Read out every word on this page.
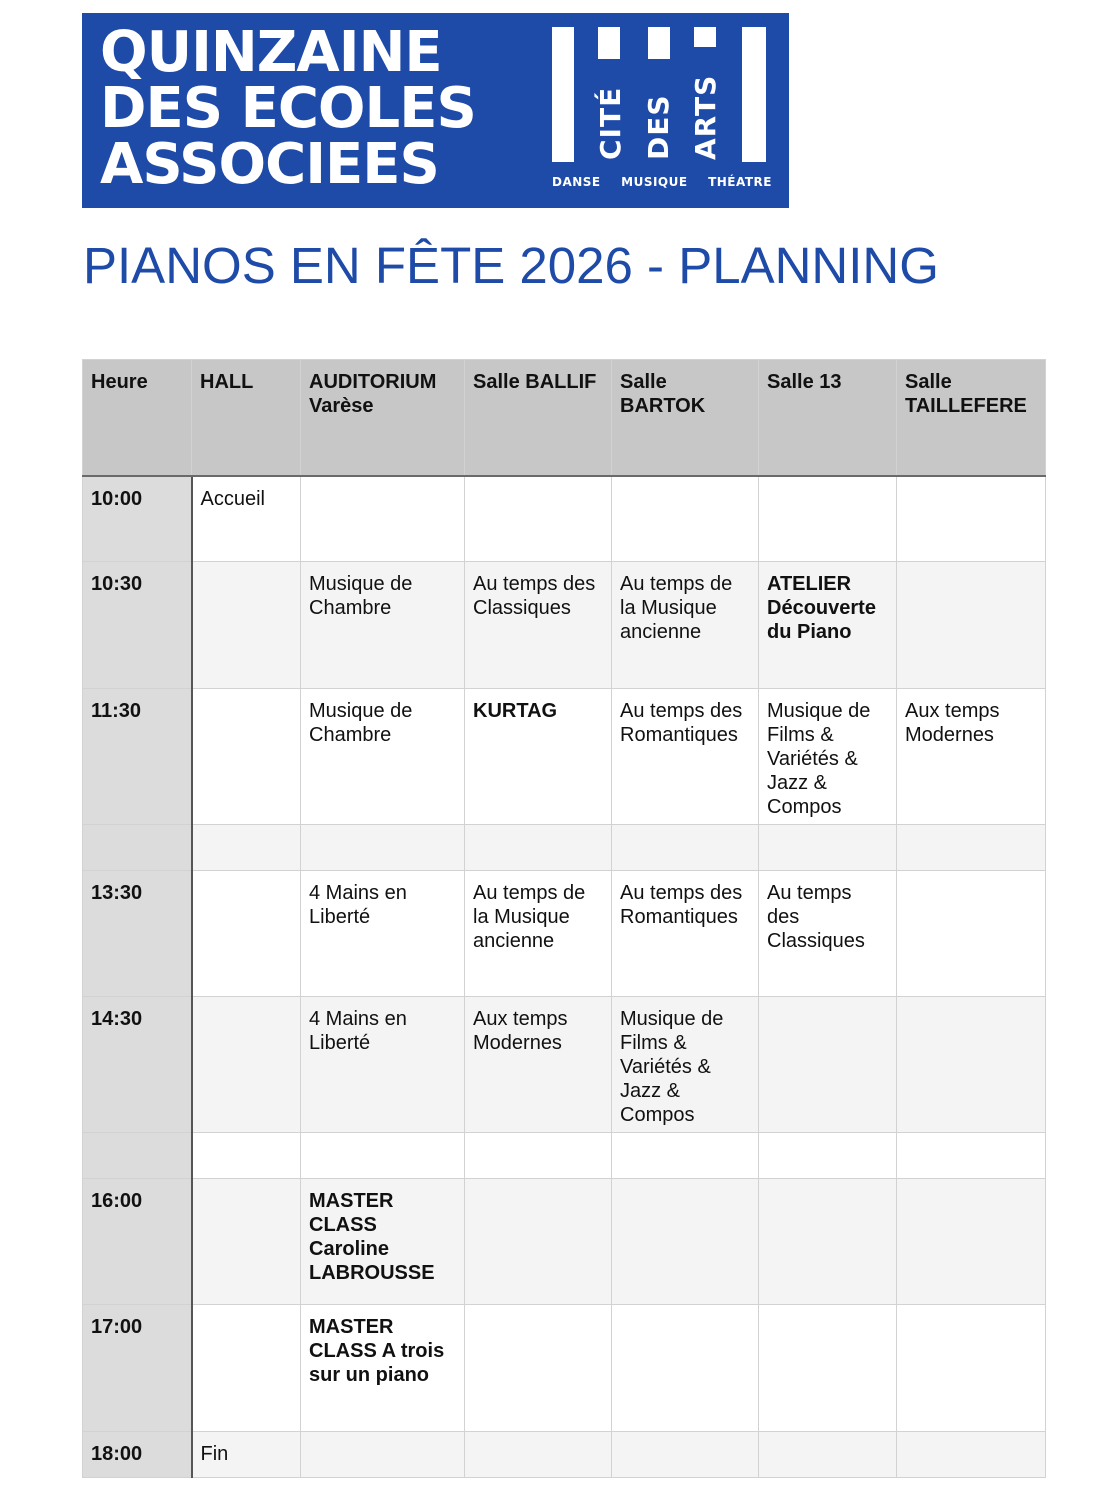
QUINZAINE
DES ECOLES
ASSOCIEES
CITÉ DES ARTS
DANSE MUSIQUE THÉATRE
PIANOS EN FÊTE 2026 - PLANNING
Heure	HALL	AUDITORIUM Varèse	Salle BALLIF	Salle BARTOK	Salle 13	Salle TAILLEFERE
10:00	Accueil					
10:30		Musique de Chambre	Au temps des Classiques	Au temps de la Musique ancienne	ATELIER Découverte du Piano	
11:30		Musique de Chambre	KURTAG	Au temps des Romantiques	Musique de Films & Variétés & Jazz & Compos	Aux temps Modernes

13:30		4 Mains en Liberté	Au temps de la Musique ancienne	Au temps des Romantiques	Au temps des Classiques	
14:30		4 Mains en Liberté	Aux temps Modernes	Musique de Films & Variétés & Jazz & Compos		

16:00		MASTER CLASS Caroline LABROUSSE				
17:00		MASTER CLASS A trois sur un piano				
18:00	Fin					
